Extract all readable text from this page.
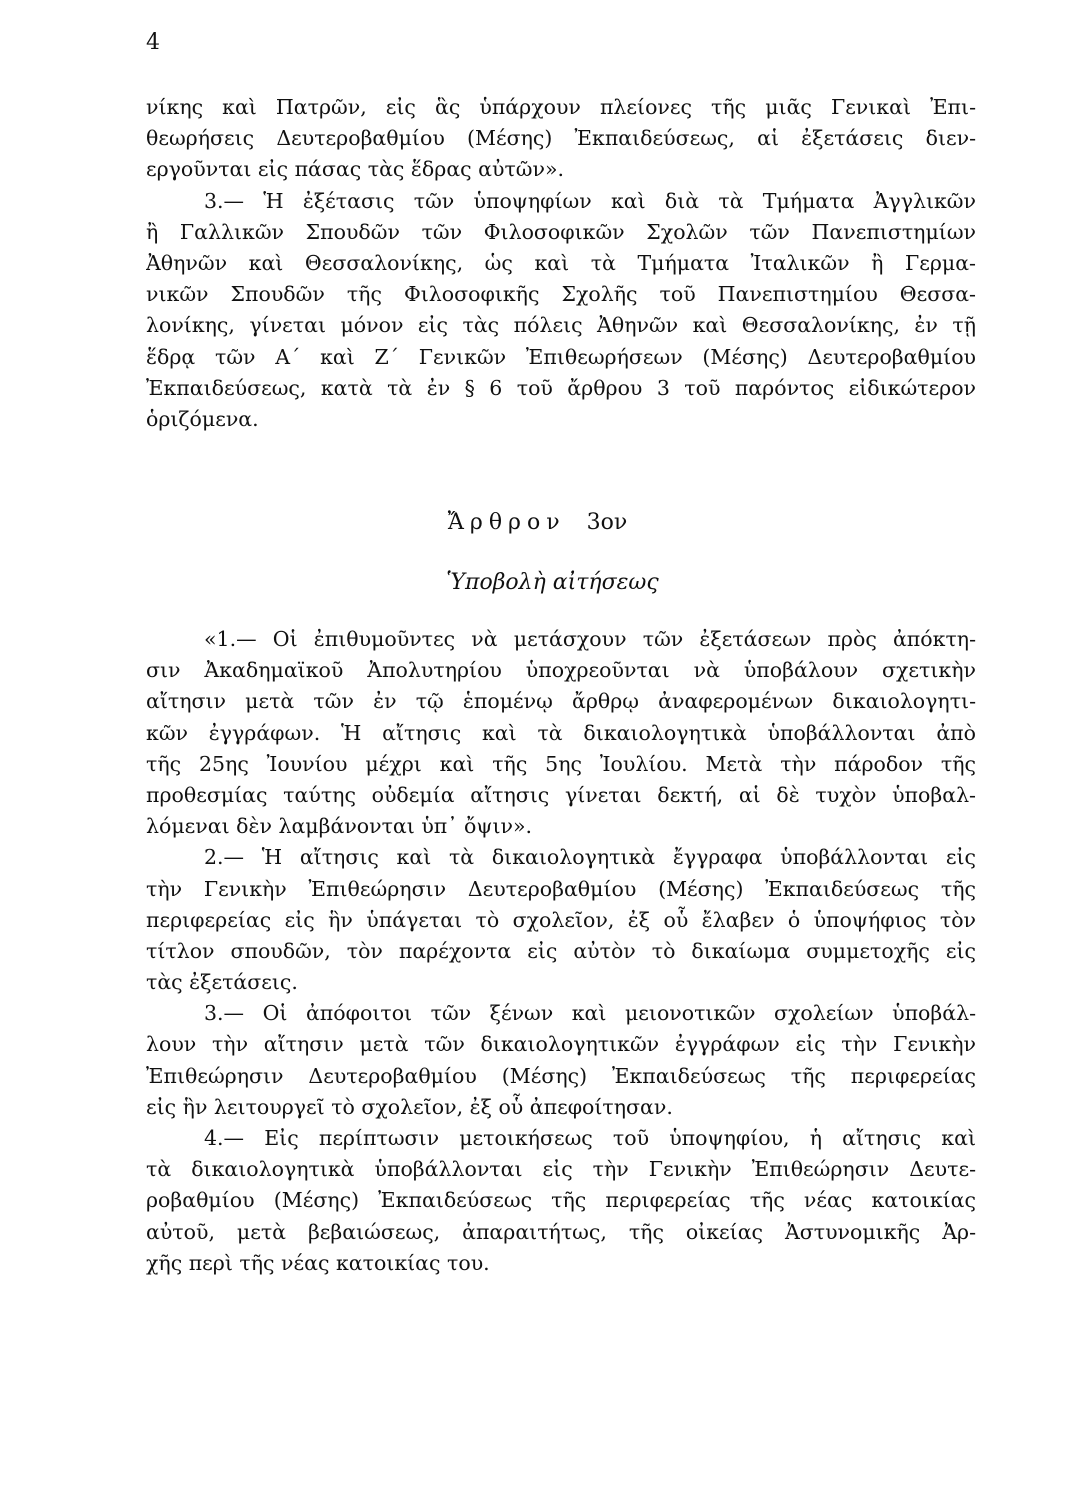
4
νίκης καὶ Πατρῶν, εἰς ἃς ὑπάρχουν πλείονες τῆς μιᾶς Γενικαὶ Ἐπι-
θεωρήσεις Δευτεροβαθμίου (Μέσης) Ἐκπαιδεύσεως, αἱ ἐξετάσεις διεν-
εργοῦνται εἰς πάσας τὰς ἕδρας αὐτῶν».
3.— Ἡ ἐξέτασις τῶν ὑποψηφίων καὶ διὰ τὰ Τμήματα Ἀγγλικῶν
ἢ Γαλλικῶν Σπουδῶν τῶν Φιλοσοφικῶν Σχολῶν τῶν Πανεπιστημίων
Ἀθηνῶν καὶ Θεσσαλονίκης, ὡς καὶ τὰ Τμήματα Ἰταλικῶν ἢ Γερμα-
νικῶν Σπουδῶν τῆς Φιλοσοφικῆς Σχολῆς τοῦ Πανεπιστημίου Θεσσα-
λονίκης, γίνεται μόνον εἰς τὰς πόλεις Ἀθηνῶν καὶ Θεσσαλονίκης, ἐν τῇ
ἕδρᾳ τῶν Α΄ καὶ Ζ΄ Γενικῶν Ἐπιθεωρήσεων (Μέσης) Δευτεροβαθμίου
Ἐκπαιδεύσεως, κατὰ τὰ ἐν § 6 τοῦ ἄρθρου 3 τοῦ παρόντος εἰδικώτερον
ὁριζόμενα.
Ἄρθρον 3ον
Ὑποβολὴ αἰτήσεως
«1.— Οἱ ἐπιθυμοῦντες νὰ μετάσχουν τῶν ἐξετάσεων πρὸς ἀπόκτη-
σιν Ἀκαδημαϊκοῦ Ἀπολυτηρίου ὑποχρεοῦνται νὰ ὑποβάλουν σχετικὴν
αἴτησιν μετὰ τῶν ἐν τῷ ἑπομένῳ ἄρθρῳ ἀναφερομένων δικαιολογητι-
κῶν ἐγγράφων. Ἡ αἴτησις καὶ τὰ δικαιολογητικὰ ὑποβάλλονται ἀπὸ
τῆς 25ης Ἰουνίου μέχρι καὶ τῆς 5ης Ἰουλίου. Μετὰ τὴν πάροδον τῆς
προθεσμίας ταύτης οὐδεμία αἴτησις γίνεται δεκτή, αἱ δὲ τυχὸν ὑποβαλ-
λόμεναι δὲν λαμβάνονται ὑπ᾿ ὄψιν».
2.— Ἡ αἴτησις καὶ τὰ δικαιολογητικὰ ἔγγραφα ὑποβάλλονται εἰς
τὴν Γενικὴν Ἐπιθεώρησιν Δευτεροβαθμίου (Μέσης) Ἐκπαιδεύσεως τῆς
περιφερείας εἰς ἣν ὑπάγεται τὸ σχολεῖον, ἐξ οὗ ἔλαβεν ὁ ὑποψήφιος τὸν
τίτλον σπουδῶν, τὸν παρέχοντα εἰς αὐτὸν τὸ δικαίωμα συμμετοχῆς εἰς
τὰς ἐξετάσεις.
3.— Οἱ ἀπόφοιτοι τῶν ξένων καὶ μειονοτικῶν σχολείων ὑποβάλ-
λουν τὴν αἴτησιν μετὰ τῶν δικαιολογητικῶν ἐγγράφων εἰς τὴν Γενικὴν
Ἐπιθεώρησιν Δευτεροβαθμίου (Μέσης) Ἐκπαιδεύσεως τῆς περιφερείας
εἰς ἣν λειτουργεῖ τὸ σχολεῖον, ἐξ οὗ ἀπεφοίτησαν.
4.— Εἰς περίπτωσιν μετοικήσεως τοῦ ὑποψηφίου, ἡ αἴτησις καὶ
τὰ δικαιολογητικὰ ὑποβάλλονται εἰς τὴν Γενικὴν Ἐπιθεώρησιν Δευτε-
ροβαθμίου (Μέσης) Ἐκπαιδεύσεως τῆς περιφερείας τῆς νέας κατοικίας
αὐτοῦ, μετὰ βεβαιώσεως, ἀπαραιτήτως, τῆς οἰκείας Ἀστυνομικῆς Ἀρ-
χῆς περὶ τῆς νέας κατοικίας του.
